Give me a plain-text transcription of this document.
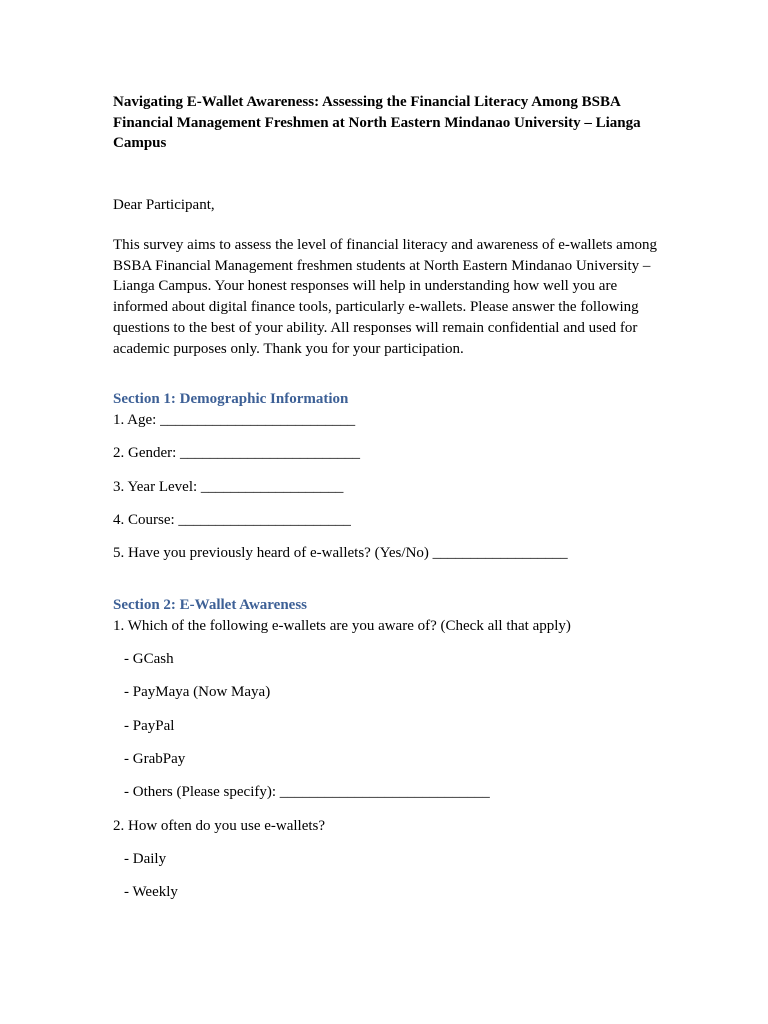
Navigating E-Wallet Awareness: Assessing the Financial Literacy Among BSBA Financial Management Freshmen at North Eastern Mindanao University – Lianga Campus
Dear Participant,
This survey aims to assess the level of financial literacy and awareness of e-wallets among BSBA Financial Management freshmen students at North Eastern Mindanao University – Lianga Campus. Your honest responses will help in understanding how well you are informed about digital finance tools, particularly e-wallets. Please answer the following questions to the best of your ability. All responses will remain confidential and used for academic purposes only. Thank you for your participation.
Section 1: Demographic Information
1. Age: __________________________
2. Gender: ________________________
3. Year Level: ___________________
4. Course: _______________________
5. Have you previously heard of e-wallets? (Yes/No) __________________
Section 2: E-Wallet Awareness
1. Which of the following e-wallets are you aware of? (Check all that apply)
- GCash
- PayMaya (Now Maya)
- PayPal
- GrabPay
- Others (Please specify): ____________________________
2. How often do you use e-wallets?
- Daily
- Weekly
